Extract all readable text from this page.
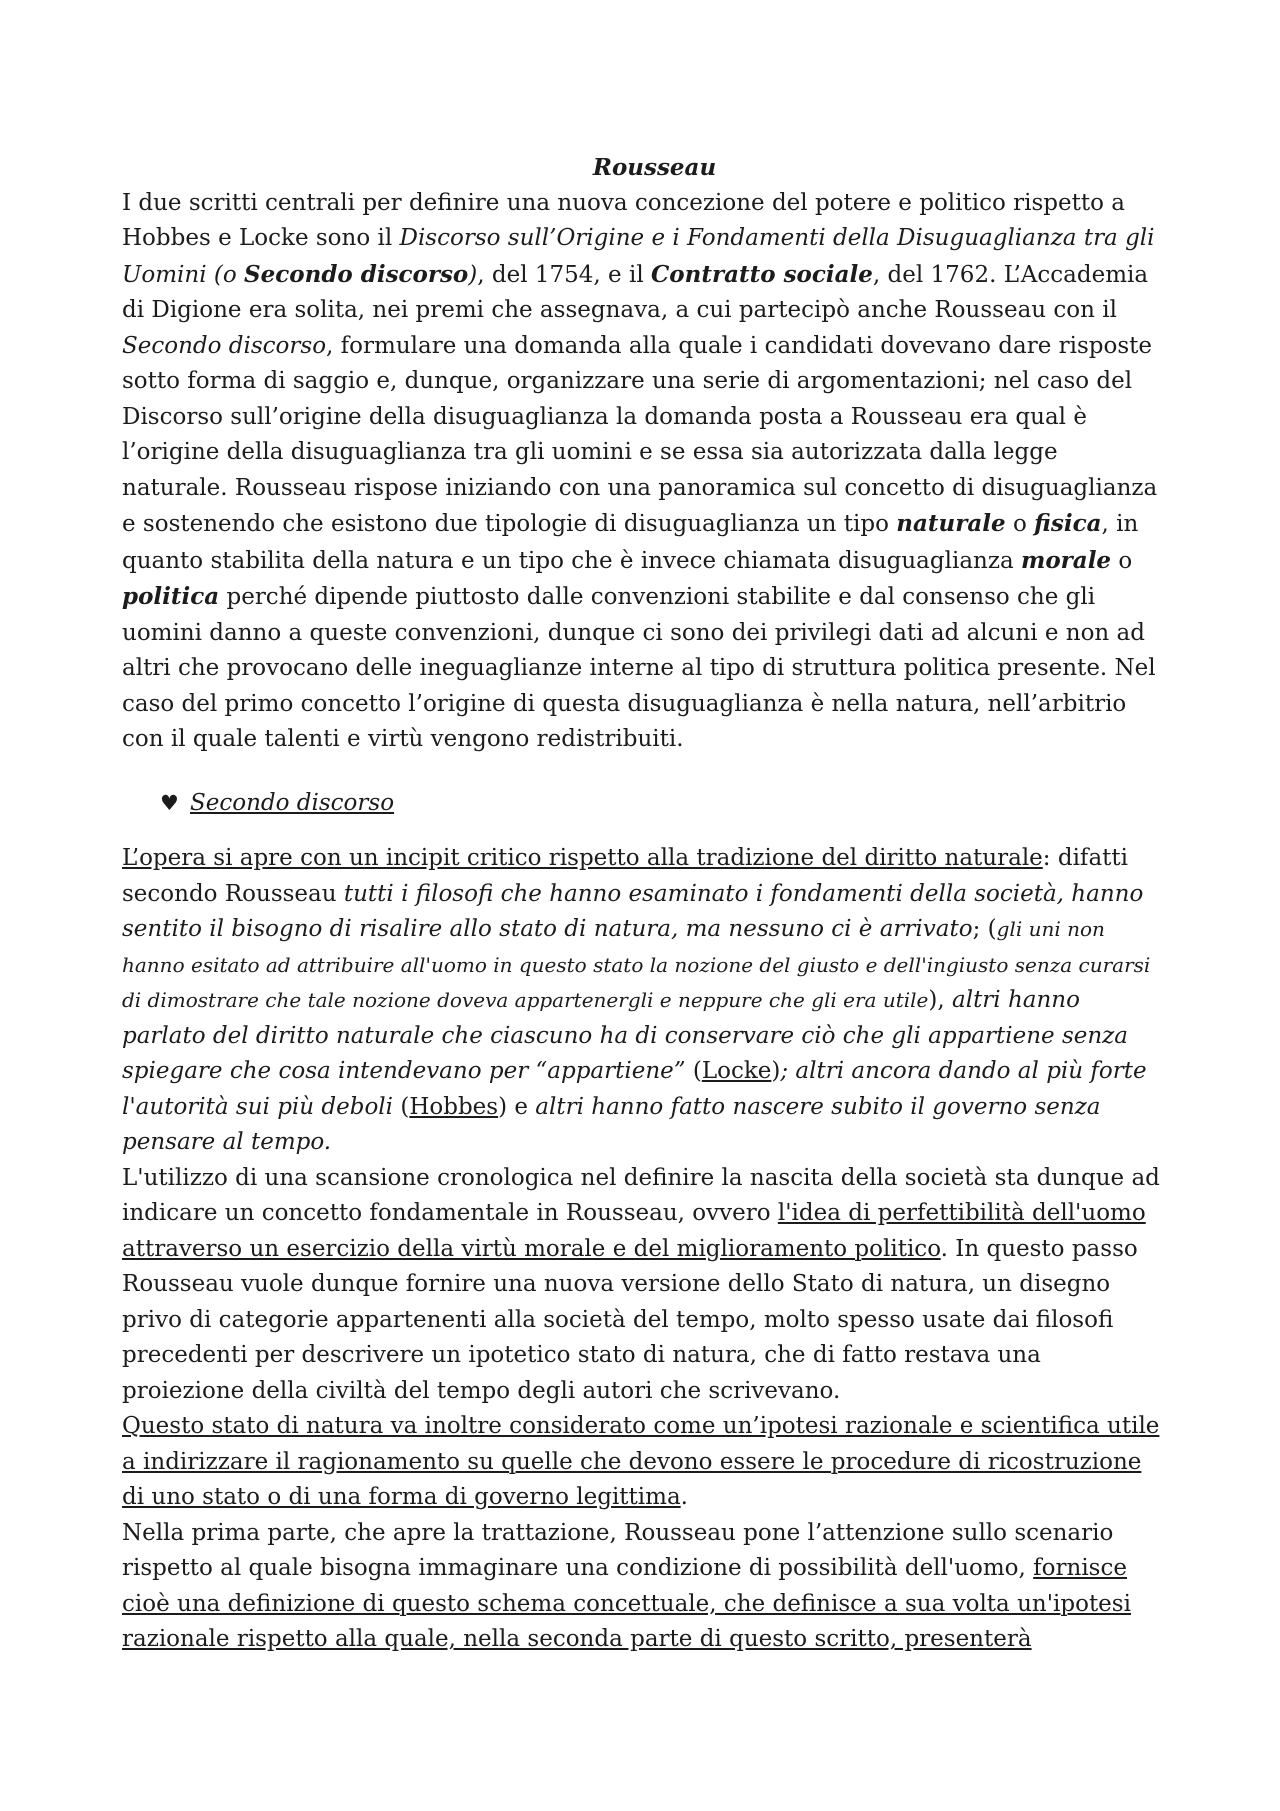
Rousseau

I due scritti centrali per definire una nuova concezione del potere e politico rispetto a Hobbes e Locke sono il Discorso sull’Origine e i Fondamenti della Disuguaglianza tra gli Uomini (o Secondo discorso), del 1754, e il Contratto sociale, del 1762. L’Accademia di Digione era solita, nei premi che assegnava, a cui partecipò anche Rousseau con il Secondo discorso, formulare una domanda alla quale i candidati dovevano dare risposte sotto forma di saggio e, dunque, organizzare una serie di argomentazioni; nel caso del Discorso sull’origine della disuguaglianza la domanda posta a Rousseau era qual è l’origine della disuguaglianza tra gli uomini e se essa sia autorizzata dalla legge naturale. Rousseau rispose iniziando con una panoramica sul concetto di disuguaglianza e sostenendo che esistono due tipologie di disuguaglianza un tipo naturale o fisica, in quanto stabilita della natura e un tipo che è invece chiamata disuguaglianza morale o politica perché dipende piuttosto dalle convenzioni stabilite e dal consenso che gli uomini danno a queste convenzioni, dunque ci sono dei privilegi dati ad alcuni e non ad altri che provocano delle ineguaglianze interne al tipo di struttura politica presente. Nel caso del primo concetto l’origine di questa disuguaglianza è nella natura, nell’arbitrio con il quale talenti e virtù vengono redistribuiti.

♥ Secondo discorso

L’opera si apre con un incipit critico rispetto alla tradizione del diritto naturale: difatti secondo Rousseau tutti i filosofi che hanno esaminato i fondamenti della società, hanno sentito il bisogno di risalire allo stato di natura, ma nessuno ci è arrivato; (gli uni non hanno esitato ad attribuire all'uomo in questo stato la nozione del giusto e dell'ingiusto senza curarsi di dimostrare che tale nozione doveva appartenergli e neppure che gli era utile), altri hanno parlato del diritto naturale che ciascuno ha di conservare ciò che gli appartiene senza spiegare che cosa intendevano per “appartiene” (Locke); altri ancora dando al più forte l'autorità sui più deboli (Hobbes) e altri hanno fatto nascere subito il governo senza pensare al tempo.

L'utilizzo di una scansione cronologica nel definire la nascita della società sta dunque ad indicare un concetto fondamentale in Rousseau, ovvero l'idea di perfettibilità dell'uomo attraverso un esercizio della virtù morale e del miglioramento politico. In questo passo Rousseau vuole dunque fornire una nuova versione dello Stato di natura, un disegno privo di categorie appartenenti alla società del tempo, molto spesso usate dai filosofi precedenti per descrivere un ipotetico stato di natura, che di fatto restava una proiezione della civiltà del tempo degli autori che scrivevano.

Questo stato di natura va inoltre considerato come un’ipotesi razionale e scientifica utile a indirizzare il ragionamento su quelle che devono essere le procedure di ricostruzione di uno stato o di una forma di governo legittima.

Nella prima parte, che apre la trattazione, Rousseau pone l’attenzione sullo scenario rispetto al quale bisogna immaginare una condizione di possibilità dell'uomo, fornisce cioè una definizione di questo schema concettuale, che definisce a sua volta un'ipotesi razionale rispetto alla quale, nella seconda parte di questo scritto, presenterà
